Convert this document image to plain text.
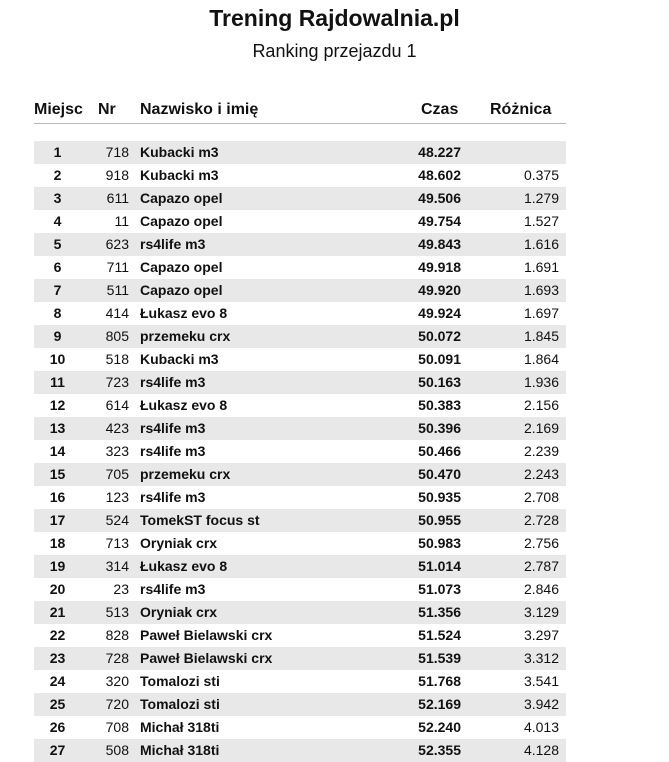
Trening Rajdowalnia.pl
Ranking przejazdu 1
Miejsc Nr Nazwisko i imię	Czas Różnica
1	718 Kubacki m3	48.227
2	918 Kubacki m3	48.602	0.375
3	611 Capazo opel	49.506	1.279
4	11 Capazo opel	49.754	1.527
5	623 rs4life m3	49.843	1.616
6	711 Capazo opel	49.918	1.691
7	511 Capazo opel	49.920	1.693
8	414 Łukasz evo 8	49.924	1.697
9	805 przemeku crx	50.072	1.845
10	518 Kubacki m3	50.091	1.864
11	723 rs4life m3	50.163	1.936
12	614 Łukasz evo 8	50.383	2.156
13	423 rs4life m3	50.396	2.169
14	323 rs4life m3	50.466	2.239
15	705 przemeku crx	50.470	2.243
16	123 rs4life m3	50.935	2.708
17	524 TomekST focus st	50.955	2.728
18	713 Oryniak crx	50.983	2.756
19	314 Łukasz evo 8	51.014	2.787
20	23 rs4life m3	51.073	2.846
21	513 Oryniak crx	51.356	3.129
22	828 Paweł Bielawski crx	51.524	3.297
23	728 Paweł Bielawski crx	51.539	3.312
24	320 Tomalozi sti	51.768	3.541
25	720 Tomalozi sti	52.169	3.942
26	708 Michał 318ti	52.240	4.013
27	508 Michał 318ti	52.355	4.128
